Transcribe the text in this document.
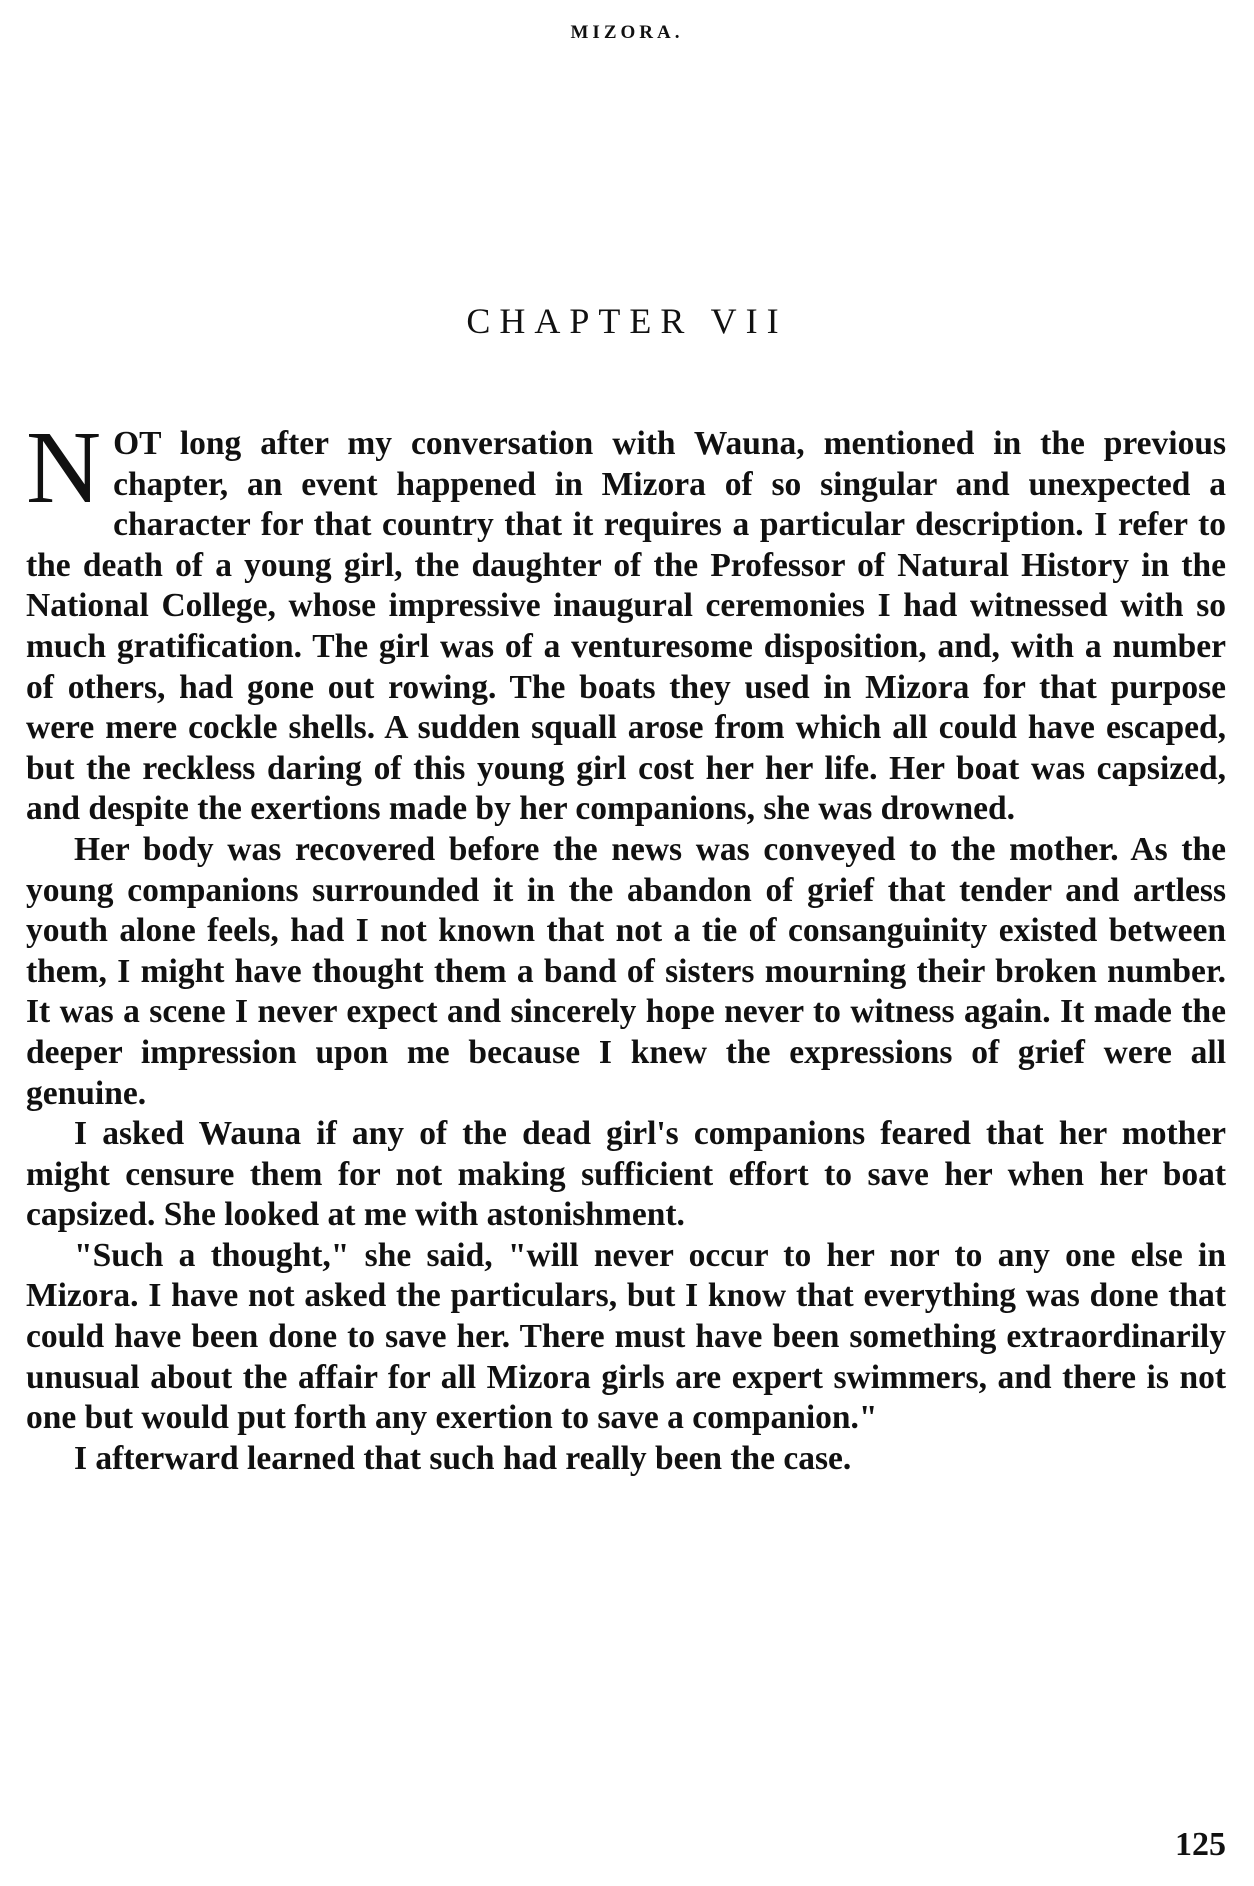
MIZORA.
CHAPTER VII

NOT long after my conversation with Wauna, mentioned in the previous chapter, an event happened in Mizora of so singular and unexpected a character for that country that it requires a particular description. I refer to the death of a young girl, the daughter of the Professor of Natural History in the National College, whose impressive inaugural ceremonies I had witnessed with so much gratification. The girl was of a venturesome disposition, and, with a number of others, had gone out rowing. The boats they used in Mizora for that purpose were mere cockle shells. A sudden squall arose from which all could have escaped, but the reckless daring of this young girl cost her her life. Her boat was capsized, and despite the exertions made by her companions, she was drowned.

Her body was recovered before the news was conveyed to the mother. As the young companions surrounded it in the abandon of grief that tender and artless youth alone feels, had I not known that not a tie of consanguinity existed between them, I might have thought them a band of sisters mourning their broken number. It was a scene I never expect and sincerely hope never to witness again. It made the deeper impression upon me because I knew the expressions of grief were all genuine.

I asked Wauna if any of the dead girl's companions feared that her mother might censure them for not making sufficient effort to save her when her boat capsized. She looked at me with astonishment.

"Such a thought," she said, "will never occur to her nor to any one else in Mizora. I have not asked the particulars, but I know that everything was done that could have been done to save her. There must have been something extraordinarily unusual about the affair for all Mizora girls are expert swimmers, and there is not one but would put forth any exertion to save a companion."

I afterward learned that such had really been the case.

125
